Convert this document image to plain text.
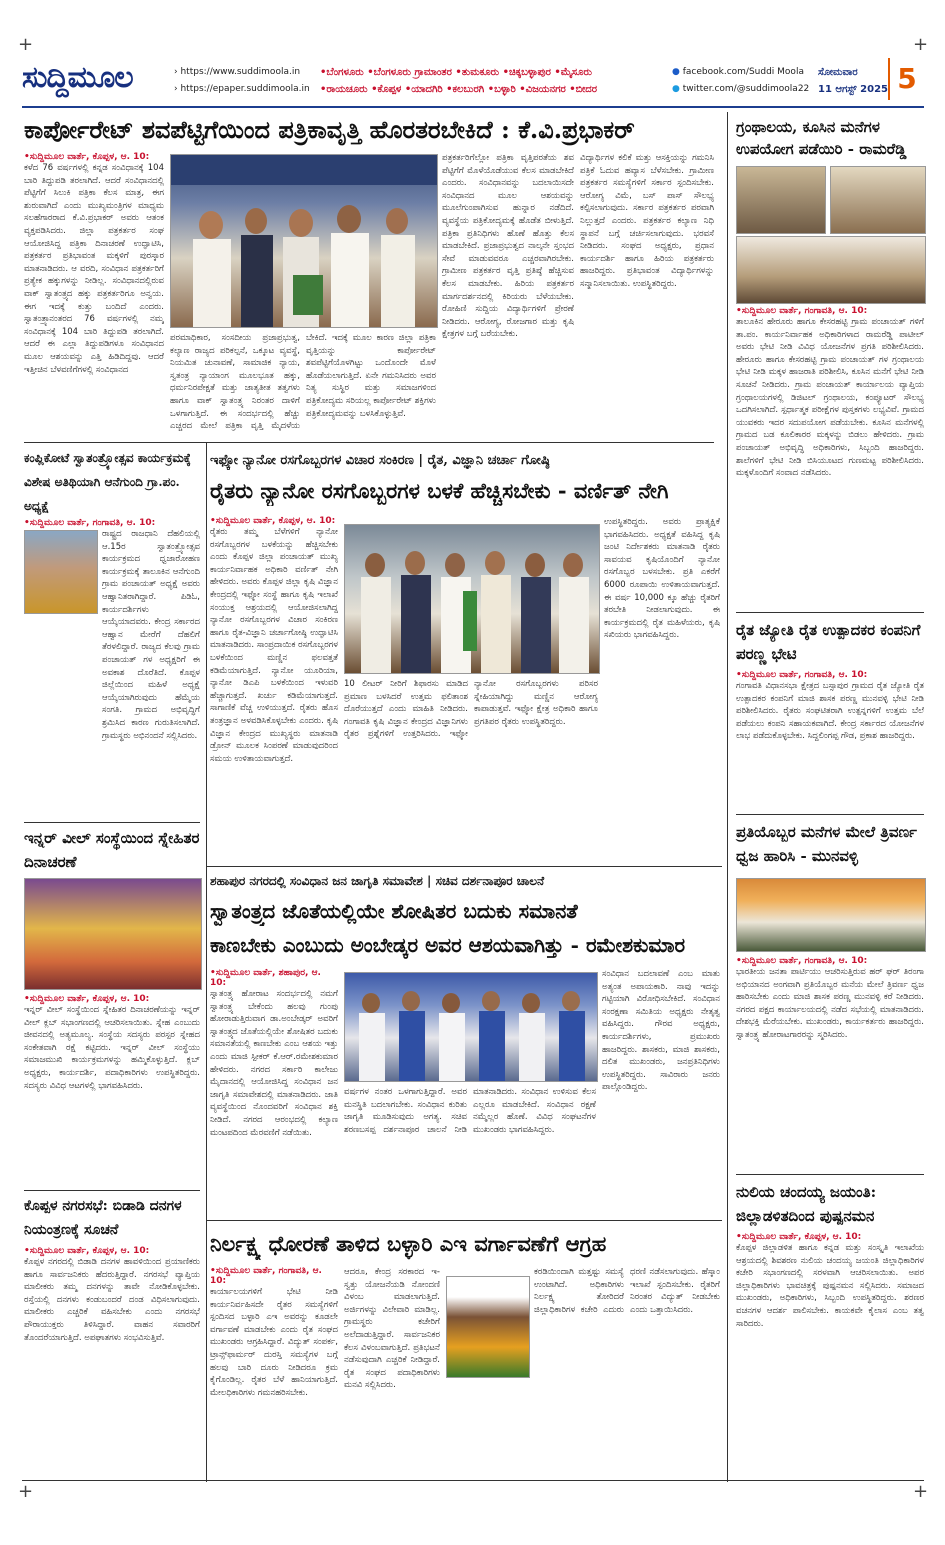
+	+
+	+
ಸುದ್ದಿಮೂಲ	› https://www.suddimoola.in
› https://epaper.suddimoola.in
•ಬೆಂಗಳೂರು •ಬೆಂಗಳೂರು ಗ್ರಾಮಾಂತರ •ತುಮಕೂರು •ಚಿಕ್ಕಬಳ್ಳಾಪುರ •ಮೈಸೂರು
•ರಾಯಚೂರು •ಕೊಪ್ಪಳ •ಯಾದಗಿರಿ •ಕಲಬುರಗಿ •ಬಳ್ಳಾರಿ •ವಿಜಯನಗರ •ಬೀದರ
● facebook.com/Suddi Moola
● twitter.com/@suddimoola22
ಸೋಮವಾರ
11 ಆಗಸ್ಟ್ 2025 5
ಕಾರ್ಪೋರೇಟ್ ಶವಪೆಟ್ಟಿಗೆಯಿಂದ ಪತ್ರಿಕಾವೃತ್ತಿ ಹೊರತರಬೇಕಿದೆ : ಕೆ.ವಿ.ಪ್ರಭಾಕರ್
•ಸುದ್ದಿಮೂಲ ವಾರ್ತೆ, ಕೊಪ್ಪಳ, ಆ. 10:
ಕಳೆದ 76 ವರ್ಷಗಳಲ್ಲಿ ಕನ್ನಡ ಸಂವಿಧಾನಕ್ಕೆ 104 ಬಾರಿ ತಿದ್ದುಪಡಿ ತರಲಾಗಿದೆ. ಆದರೆ ಸಂವಿಧಾನದಲ್ಲಿ ಪೆಟ್ಟಿಗೆಗೆ ಸಿಲುಕಿ ಪತ್ರಿಕಾ ಕೆಲಸ ಮಾತ್ರ, ಈಗ ಶುರುವಾಗಿದೆ ಎಂದು ಮುಖ್ಯಮಂತ್ರಿಗಳ ಮಾಧ್ಯಮ ಸಲಹೆಗಾರರಾದ ಕೆ.ವಿ.ಪ್ರಭಾಕರ್ ಅವರು ಆತಂಕ ವ್ಯಕ್ತಪಡಿಸಿದರು. ಜಿಲ್ಲಾ ಪತ್ರಕರ್ತರ ಸಂಘ ಆಯೋಜಿಸಿದ್ದ ಪತ್ರಿಕಾ ದಿನಾಚರಣೆ ಉದ್ಘಾಟಿಸಿ, ಪತ್ರಕರ್ತರ ಪ್ರತಿಭಾವಂತ ಮಕ್ಕಳಿಗೆ ಪುರಸ್ಕಾರ ಮಾತನಾಡಿದರು. ಆ ವರದಿ, ಸಂವಿಧಾನ ಪತ್ರಕರ್ತರಿಗೆ ಪ್ರತ್ಯೇಕ ಹಕ್ಕುಗಳನ್ನು ನೀಡಿಲ್ಲ. ಸಂವಿಧಾನದಲ್ಲಿರುವ ವಾಕ್ ಸ್ವಾತಂತ್ರ್ಯದ ಹಕ್ಕು ಪತ್ರಕರ್ತರಿಗೂ ಅನ್ವಯ. ಈಗ ಇದಕ್ಕೆ ಕುತ್ತು ಬಂದಿದೆ ಎಂದರು. ಸ್ವಾತಂತ್ರ್ಯಾನಂತರದ 76 ವರ್ಷಗಳಲ್ಲಿ ನಮ್ಮ ಸಂವಿಧಾನಕ್ಕೆ 104 ಬಾರಿ ತಿದ್ದುಪಡಿ ತರಲಾಗಿದೆ. ಆದರೆ ಈ ಎಲ್ಲಾ ತಿದ್ದುಪಡಿಗಳೂ ಸಂವಿಧಾನದ ಮೂಲ ಆಶಯವನ್ನು ಎತ್ತಿ ಹಿಡಿದಿದ್ದವು. ಆದರೆ ಇತ್ತೀಚಿನ ಬೆಳವಣಿಗೆಗಳಲ್ಲಿ ಸಂವಿಧಾನದ
ಪರಮಾಧಿಕಾರ, ಸಂಸದೀಯ ಪ್ರಜಾಪ್ರಭುತ್ವ, ಕಲ್ಯಾಣ ರಾಜ್ಯದ ಪರಿಕಲ್ಪನೆ, ಒಕ್ಕೂಟ ವ್ಯವಸ್ಥೆ, ನಿಯಮಿತ ಚುನಾವಣೆ, ಸಾಮಾಜಿಕ ನ್ಯಾಯ, ಸ್ವತಂತ್ರ ನ್ಯಾಯಾಂಗ ಮೂಲಭೂತ ಹಕ್ಕು, ಧರ್ಮನಿರಪೇಕ್ಷತೆ ಮತ್ತು ಜಾತ್ಯತೀತ ತತ್ವಗಳು ಹಾಗೂ ವಾಕ್ ಸ್ವಾತಂತ್ರ್ಯ ನಿರಂತರ ದಾಳಿಗೆ ಒಳಗಾಗುತ್ತಿದೆ. ಈ ಸಂದರ್ಭದಲ್ಲಿ ಹೆಚ್ಚು ಎಚ್ಚರದ ಮೇಲೆ ಪತ್ರಿಕಾ ವೃತ್ತಿ ಮೈದಳೆಯ ಬೇಕಿದೆ. ಇದಕ್ಕೆ ಮೂಲ ಕಾರಣ ಜಿಲ್ಲಾ ಪತ್ರಿಕಾ ವೃತ್ತಿಯನ್ನು ಕಾರ್ಪೋರೇಟ್ ಶವಪೆಟ್ಟಿಗೆಯೊಳಗಿಟ್ಟು ಒಂದೊಂದೇ ಮೊಳೆ ಹೊಡೆಯಲಾಗುತ್ತಿದೆ. ಏನೇ ಗಮನಿಸಿದರು ಅವರ ನಿತ್ಯ ಸುಸ್ಥಿರ ಮತ್ತು ಸಮಾಜಗಳಿಂದ ಪತ್ರಿಕೋದ್ಯಮ ಸರಿಯಲ್ಲ ಕಾರ್ಪೋರೇಟ್ ಶಕ್ತಿಗಳು ಪತ್ರಿಕೋದ್ಯಮವನ್ನು ಬಳಸಿಕೊಳ್ಳುತ್ತಿವೆ.
ಪತ್ರಕರ್ತರಿಗೆಲ್ಲೋ ಪತ್ರಿಕಾ ವೃತ್ತಿಪರತೆಯ ಶವ ಪೆಟ್ಟಿಗೆಗೆ ಮೊಳೆಯೊಡೆಯುವ ಕೆಲಸ ಮಾಡಬೇಕಿದೆ ಎಂದರು. ಸಂವಿಧಾನವನ್ನು ಬದಲಾಯಿಸದೇ ಸಂವಿಧಾನದ ಮೂಲ ಆಶಯವನ್ನು ಮೂಲೆಗುಂಪಾಗಿಸುವ ಹುನ್ನಾರ ನಡೆದಿದೆ. ವ್ಯವಸ್ಥೆಯ ಪತ್ರಿಕೋದ್ಯಮಕ್ಕೆ ಹೊಡೆತ ಬೀಳುತ್ತಿದೆ. ಪತ್ರಿಕಾ ಪ್ರತಿನಿಧಿಗಳು ಹೊಣೆ ಹೊತ್ತು ಕೆಲಸ ಮಾಡಬೇಕಿದೆ. ಪ್ರಜಾಪ್ರಭುತ್ವದ ನಾಲ್ಕನೇ ಸ್ತಂಭದ ಸೇವೆ ಮಾಡುವವರೂ ಎಚ್ಚರವಾಗಿರಬೇಕು. ಗ್ರಾಮೀಣ ಪತ್ರಕರ್ತರ ವೃತ್ತಿ ಪ್ರತಿಷ್ಠೆ ಹೆಚ್ಚಿಸುವ ಕೆಲಸ ಮಾಡಬೇಕು. ಹಿರಿಯ ಪತ್ರಕರ್ತರ ಮಾರ್ಗದರ್ಶನದಲ್ಲಿ ಕಿರಿಯರು ಬೆಳೆಯಬೇಕು. ರೋಹಿಣಿ ಸುದ್ದಿಯ ವಿದ್ಯಾರ್ಥಿಗಳಿಗೆ ಪ್ರೇರಣೆ ನೀಡಿದರು. ಆರೋಗ್ಯ, ರೋಜಗಾರ ಮತ್ತು ಕೃಷಿ ಕ್ಷೇತ್ರಗಳ ಬಗ್ಗೆ ಬರೆಯಬೇಕು.
ವಿದ್ಯಾರ್ಥಿಗಳ ಕಲಿಕೆ ಮತ್ತು ಆಸಕ್ತಿಯನ್ನು ಗಮನಿಸಿ ಪತ್ರಿಕೆ ಓದುವ ಹವ್ಯಾಸ ಬೆಳೆಸಬೇಕು. ಗ್ರಾಮೀಣ ಪತ್ರಕರ್ತರ ಸಮಸ್ಯೆಗಳಿಗೆ ಸರ್ಕಾರ ಸ್ಪಂದಿಸಬೇಕು. ಆರೋಗ್ಯ ವಿಮೆ, ಬಸ್ ಪಾಸ್ ಸೌಲಭ್ಯ ಕಲ್ಪಿಸಲಾಗುವುದು. ಸರ್ಕಾರ ಪತ್ರಕರ್ತರ ಪರವಾಗಿ ನಿಲ್ಲುತ್ತದೆ ಎಂದರು. ಪತ್ರಕರ್ತರ ಕಲ್ಯಾಣ ನಿಧಿ ಸ್ಥಾಪನೆ ಬಗ್ಗೆ ಚರ್ಚಿಸಲಾಗುವುದು. ಭರವಸೆ ನೀಡಿದರು. ಸಂಘದ ಅಧ್ಯಕ್ಷರು, ಪ್ರಧಾನ ಕಾರ್ಯದರ್ಶಿ ಹಾಗೂ ಹಿರಿಯ ಪತ್ರಕರ್ತರು ಹಾಜರಿದ್ದರು. ಪ್ರತಿಭಾವಂತ ವಿದ್ಯಾರ್ಥಿಗಳನ್ನು ಸನ್ಮಾನಿಸಲಾಯಿತು. ಉಪಸ್ಥಿತರಿದ್ದರು.
ಗ್ರಂಥಾಲಯ, ಕೂಸಿನ ಮನೆಗಳ ಉಪಯೋಗ ಪಡೆಯಿರಿ - ರಾಮರೆಡ್ಡಿ
•ಸುದ್ದಿಮೂಲ ವಾರ್ತೆ, ಗಂಗಾವತಿ, ಆ. 10:
ತಾಲೂಕಿನ ಹೇರೂರು ಹಾಗೂ ಕೇಸರಹಟ್ಟಿ ಗ್ರಾಮ ಪಂಚಾಯತ್ ಗಳಿಗೆ ತಾ.ಪಂ. ಕಾರ್ಯನಿರ್ವಾಹಕ ಅಧಿಕಾರಿಗಳಾದ ರಾಮರೆಡ್ಡಿ ಪಾಟೀಲ್ ಅವರು ಭೇಟಿ ನೀಡಿ ವಿವಿಧ ಯೋಜನೆಗಳ ಪ್ರಗತಿ ಪರಿಶೀಲಿಸಿದರು. ಹೇರೂರು ಹಾಗೂ ಕೇಸರಹಟ್ಟಿ ಗ್ರಾಮ ಪಂಚಾಯತ್ ಗಳ ಗ್ರಂಥಾಲಯ ಭೇಟಿ ನೀಡಿ ಮಕ್ಕಳ ಹಾಜರಾತಿ ಪರಿಶೀಲಿಸಿ, ಕೂಸಿನ ಮನೆಗೆ ಭೇಟಿ ನೀಡಿ ಸೂಚನೆ ನೀಡಿದರು. ಗ್ರಾಮ ಪಂಚಾಯತ್ ಕಾರ್ಯಾಲಯ ವ್ಯಾಪ್ತಿಯ ಗ್ರಂಥಾಲಯಗಳಲ್ಲಿ ಡಿಜಿಟಲ್ ಗ್ರಂಥಾಲಯ, ಕಂಪ್ಯೂಟರ್ ಸೌಲಭ್ಯ ಒದಗಿಸಲಾಗಿದೆ. ಸ್ಪರ್ಧಾತ್ಮಕ ಪರೀಕ್ಷೆಗಳ ಪುಸ್ತಕಗಳು ಲಭ್ಯವಿವೆ. ಗ್ರಾಮದ ಯುವಕರು ಇದರ ಸದುಪಯೋಗ ಪಡೆಯಬೇಕು. ಕೂಸಿನ ಮನೆಗಳಲ್ಲಿ ಗ್ರಾಮದ ಬಡ ಕೂಲಿಕಾರರ ಮಕ್ಕಳನ್ನು ಬಿಡಲು ಹೇಳಿದರು. ಗ್ರಾಮ ಪಂಚಾಯತ್ ಅಭಿವೃದ್ಧಿ ಅಧಿಕಾರಿಗಳು, ಸಿಬ್ಬಂದಿ ಹಾಜರಿದ್ದರು. ಶಾಲೆಗಳಿಗೆ ಭೇಟಿ ನೀಡಿ ಬಿಸಿಯೂಟದ ಗುಣಮಟ್ಟ ಪರಿಶೀಲಿಸಿದರು. ಮಕ್ಕಳೊಂದಿಗೆ ಸಂವಾದ ನಡೆಸಿದರು.
ಕಂಪ್ಲಿಕೋಟೆ ಸ್ವಾತಂತ್ರ್ಯೋತ್ಸವ ಕಾರ್ಯಕ್ರಮಕ್ಕೆ ವಿಶೇಷ ಅತಿಥಿಯಾಗಿ ಆನೆಗುಂದಿ ಗ್ರಾ.ಪಂ. ಅಧ್ಯಕ್ಷೆ
•ಸುದ್ದಿಮೂಲ ವಾರ್ತೆ, ಗಂಗಾವತಿ, ಆ. 10:
ರಾಷ್ಟ್ರದ ರಾಜಧಾನಿ ದೆಹಲಿಯಲ್ಲಿ ಆ.15ರ ಸ್ವಾತಂತ್ರ್ಯೋತ್ಸವ ಕಾರ್ಯಕ್ರಮದ ಧ್ವಜಾರೋಹಣ ಕಾರ್ಯಕ್ರಮಕ್ಕೆ ತಾಲೂಕಿನ ಆನೆಗುಂದಿ ಗ್ರಾಮ ಪಂಚಾಯತ್ ಅಧ್ಯಕ್ಷೆ ಅವರು ಆಹ್ವಾನಿತರಾಗಿದ್ದಾರೆ. ಪಿಡಿಓ, ಕಾರ್ಯದರ್ಶಿಗಳು ಆಯ್ಕೆಯಾದವರು. ಕೇಂದ್ರ ಸರ್ಕಾರದ ಆಹ್ವಾನ ಮೇರೆಗೆ ದೆಹಲಿಗೆ ತೆರಳಲಿದ್ದಾರೆ. ರಾಜ್ಯದ ಕೆಲವು ಗ್ರಾಮ ಪಂಚಾಯತ್ ಗಳ ಅಧ್ಯಕ್ಷರಿಗೆ ಈ ಅವಕಾಶ ದೊರೆತಿದೆ. ಕೊಪ್ಪಳ ಜಿಲ್ಲೆಯಿಂದ ಮಹಿಳೆ ಅಧ್ಯಕ್ಷೆ ಆಯ್ಕೆಯಾಗಿರುವುದು ಹೆಮ್ಮೆಯ ಸಂಗತಿ. ಗ್ರಾಮದ ಅಭಿವೃದ್ಧಿಗೆ ಶ್ರಮಿಸಿದ ಕಾರಣ ಗುರುತಿಸಲಾಗಿದೆ. ಗ್ರಾಮಸ್ಥರು ಅಭಿನಂದನೆ ಸಲ್ಲಿಸಿದರು.
ಇನ್ನರ್ ವೀಲ್ ಸಂಸ್ಥೆಯಿಂದ ಸ್ನೇಹಿತರ ದಿನಾಚರಣೆ
•ಸುದ್ದಿಮೂಲ ವಾರ್ತೆ, ಕೊಪ್ಪಳ, ಆ. 10:
ಇನ್ನರ್ ವೀಲ್ ಸಂಸ್ಥೆಯಿಂದ ಸ್ನೇಹಿತರ ದಿನಾಚರಣೆಯನ್ನು ಇನ್ನರ್ ವೀಲ್ ಕ್ಲಬ್ ಸಭಾಂಗಣದಲ್ಲಿ ಆಚರಿಸಲಾಯಿತು. ಸ್ನೇಹ ಎಂಬುದು ಜೀವನದಲ್ಲಿ ಅತ್ಯಮೂಲ್ಯ. ಸಂಸ್ಥೆಯ ಸದಸ್ಯರು ಪರಸ್ಪರ ಸ್ನೇಹದ ಸಂಕೇತವಾಗಿ ರಕ್ಷೆ ಕಟ್ಟಿದರು. ಇನ್ನರ್ ವೀಲ್ ಸಂಸ್ಥೆಯು ಸಮಾಜಮುಖಿ ಕಾರ್ಯಕ್ರಮಗಳನ್ನು ಹಮ್ಮಿಕೊಳ್ಳುತ್ತಿದೆ. ಕ್ಲಬ್ ಅಧ್ಯಕ್ಷರು, ಕಾರ್ಯದರ್ಶಿ, ಪದಾಧಿಕಾರಿಗಳು ಉಪಸ್ಥಿತರಿದ್ದರು. ಸದಸ್ಯರು ವಿವಿಧ ಆಟಗಳಲ್ಲಿ ಭಾಗವಹಿಸಿದರು.
ಕೊಪ್ಪಳ ನಗರಸಭೆ: ಬಿಡಾಡಿ ದನಗಳ ನಿಯಂತ್ರಣಕ್ಕೆ ಸೂಚನೆ
•ಸುದ್ದಿಮೂಲ ವಾರ್ತೆ, ಕೊಪ್ಪಳ, ಆ. 10:
ಕೊಪ್ಪಳ ನಗರದಲ್ಲಿ ಬಿಡಾಡಿ ದನಗಳ ಹಾವಳಿಯಿಂದ ಪ್ರಯಾಣಿಕರು ಹಾಗೂ ಸಾರ್ವಜನಿಕರು ಹೆದರುತ್ತಿದ್ದಾರೆ. ನಗರಸಭೆ ವ್ಯಾಪ್ತಿಯ ಮಾಲೀಕರು ತಮ್ಮ ದನಗಳನ್ನು ತಾವೇ ನೋಡಿಕೊಳ್ಳಬೇಕು. ರಸ್ತೆಯಲ್ಲಿ ದನಗಳು ಕಂಡುಬಂದರೆ ದಂಡ ವಿಧಿಸಲಾಗುವುದು. ಮಾಲೀಕರು ಎಚ್ಚರಿಕೆ ವಹಿಸಬೇಕು ಎಂದು ನಗರಸಭೆ ಪೌರಾಯುಕ್ತರು ತಿಳಿಸಿದ್ದಾರೆ. ವಾಹನ ಸವಾರರಿಗೆ ತೊಂದರೆಯಾಗುತ್ತಿದೆ. ಅಪಘಾತಗಳು ಸಂಭವಿಸುತ್ತಿವೆ.
ಇಫ್ಕೋ ನ್ಯಾನೋ ರಸಗೊಬ್ಬರಗಳ ವಿಚಾರ ಸಂಕಿರಣ | ರೈತ, ವಿಜ್ಞಾನಿ ಚರ್ಚಾ ಗೋಷ್ಠಿ
ರೈತರು ನ್ಯಾನೋ ರಸಗೊಬ್ಬರಗಳ ಬಳಕೆ ಹೆಚ್ಚಿಸಬೇಕು - ವರ್ಣಿತ್ ನೇಗಿ
•ಸುದ್ದಿಮೂಲ ವಾರ್ತೆ, ಕೊಪ್ಪಳ, ಆ. 10:
ರೈತರು ತಮ್ಮ ಬೆಳೆಗಳಿಗೆ ನ್ಯಾನೋ ರಸಗೊಬ್ಬರಗಳ ಬಳಕೆಯನ್ನು ಹೆಚ್ಚಿಸಬೇಕು ಎಂದು ಕೊಪ್ಪಳ ಜಿಲ್ಲಾ ಪಂಚಾಯತ್ ಮುಖ್ಯ ಕಾರ್ಯನಿರ್ವಾಹಕ ಅಧಿಕಾರಿ ವರ್ಣಿತ್ ನೇಗಿ ಹೇಳಿದರು. ಅವರು ಕೊಪ್ಪಳ ಜಿಲ್ಲಾ ಕೃಷಿ ವಿಜ್ಞಾನ ಕೇಂದ್ರದಲ್ಲಿ ಇಫ್ಕೋ ಸಂಸ್ಥೆ ಹಾಗೂ ಕೃಷಿ ಇಲಾಖೆ ಸಂಯುಕ್ತ ಆಶ್ರಯದಲ್ಲಿ ಆಯೋಜಿಸಲಾಗಿದ್ದ ನ್ಯಾನೋ ರಸಗೊಬ್ಬರಗಳ ವಿಚಾರ ಸಂಕಿರಣ ಹಾಗೂ ರೈತ-ವಿಜ್ಞಾನಿ ಚರ್ಚಾಗೋಷ್ಠಿ ಉದ್ಘಾಟಿಸಿ ಮಾತನಾಡಿದರು. ಸಾಂಪ್ರದಾಯಿಕ ರಸಗೊಬ್ಬರಗಳ ಬಳಕೆಯಿಂದ ಮಣ್ಣಿನ ಫಲವತ್ತತೆ ಕಡಿಮೆಯಾಗುತ್ತಿದೆ. ನ್ಯಾನೋ ಯೂರಿಯಾ, ನ್ಯಾನೋ ಡಿಎಪಿ ಬಳಕೆಯಿಂದ ಇಳುವರಿ ಹೆಚ್ಚಾಗುತ್ತದೆ. ಖರ್ಚು ಕಡಿಮೆಯಾಗುತ್ತದೆ. ಸಾಗಾಣಿಕೆ ವೆಚ್ಚ ಉಳಿಯುತ್ತದೆ. ರೈತರು ಹೊಸ ತಂತ್ರಜ್ಞಾನ ಅಳವಡಿಸಿಕೊಳ್ಳಬೇಕು ಎಂದರು. ಕೃಷಿ ವಿಜ್ಞಾನ ಕೇಂದ್ರದ ಮುಖ್ಯಸ್ಥರು ಮಾತನಾಡಿ ಡ್ರೋನ್ ಮೂಲಕ ಸಿಂಪರಣೆ ಮಾಡುವುದರಿಂದ ಸಮಯ ಉಳಿತಾಯವಾಗುತ್ತದೆ.
10 ಲೀಟರ್ ನೀರಿಗೆ ಶಿಫಾರಸು ಮಾಡಿದ ಪ್ರಮಾಣ ಬಳಸಿದರೆ ಉತ್ತಮ ಫಲಿತಾಂಶ ದೊರೆಯುತ್ತದೆ ಎಂದು ಮಾಹಿತಿ ನೀಡಿದರು. ಗಂಗಾವತಿ ಕೃಷಿ ವಿಜ್ಞಾನ ಕೇಂದ್ರದ ವಿಜ್ಞಾನಿಗಳು ರೈತರ ಪ್ರಶ್ನೆಗಳಿಗೆ ಉತ್ತರಿಸಿದರು. ಇಫ್ಕೋ ನ್ಯಾನೋ ರಸಗೊಬ್ಬರಗಳು ಪರಿಸರ ಸ್ನೇಹಿಯಾಗಿದ್ದು ಮಣ್ಣಿನ ಆರೋಗ್ಯ ಕಾಪಾಡುತ್ತವೆ. ಇಫ್ಕೋ ಕ್ಷೇತ್ರ ಅಧಿಕಾರಿ ಹಾಗೂ ಪ್ರಗತಿಪರ ರೈತರು ಉಪಸ್ಥಿತರಿದ್ದರು.
ಉಪಸ್ಥಿತರಿದ್ದರು. ಅವರು ಪ್ರಾತ್ಯಕ್ಷಿಕೆ ಭಾಗವಹಿಸಿದರು. ಅಧ್ಯಕ್ಷತೆ ವಹಿಸಿದ್ದ ಕೃಷಿ ಜಂಟಿ ನಿರ್ದೇಶಕರು ಮಾತನಾಡಿ ರೈತರು ಸಾವಯವ ಕೃಷಿಯೊಂದಿಗೆ ನ್ಯಾನೋ ರಸಗೊಬ್ಬರ ಬಳಸಬೇಕು. ಪ್ರತಿ ಎಕರೆಗೆ 6000 ರೂಪಾಯಿ ಉಳಿತಾಯವಾಗುತ್ತದೆ. ಈ ವರ್ಷ 10,000 ಕ್ಕೂ ಹೆಚ್ಚು ರೈತರಿಗೆ ತರಬೇತಿ ನೀಡಲಾಗುವುದು. ಈ ಕಾರ್ಯಕ್ರಮದಲ್ಲಿ ರೈತ ಮಹಿಳೆಯರು, ಕೃಷಿ ಸಖಿಯರು ಭಾಗವಹಿಸಿದ್ದರು.	ರೈತ ಜ್ಯೋತಿ ರೈತ ಉತ್ಪಾದಕರ ಕಂಪನಿಗೆ ಪರಣ್ಣ ಭೇಟಿ
•ಸುದ್ದಿಮೂಲ ವಾರ್ತೆ, ಗಂಗಾವತಿ, ಆ. 10:
ಗಂಗಾವತಿ ವಿಧಾನಸಭಾ ಕ್ಷೇತ್ರದ ಬಸ್ಸಾಪುರ ಗ್ರಾಮದ ರೈತ ಜ್ಯೋತಿ ರೈತ ಉತ್ಪಾದಕರ ಕಂಪನಿಗೆ ಮಾಜಿ ಶಾಸಕ ಪರಣ್ಣ ಮುನವಳ್ಳಿ ಭೇಟಿ ನೀಡಿ ಪರಿಶೀಲಿಸಿದರು. ರೈತರು ಸಂಘಟಿತರಾಗಿ ಉತ್ಪನ್ನಗಳಿಗೆ ಉತ್ತಮ ಬೆಲೆ ಪಡೆಯಲು ಕಂಪನಿ ಸಹಾಯಕವಾಗಿದೆ. ಕೇಂದ್ರ ಸರ್ಕಾರದ ಯೋಜನೆಗಳ ಲಾಭ ಪಡೆದುಕೊಳ್ಳಬೇಕು. ಸಿದ್ದಲಿಂಗಪ್ಪ ಗೌಡ, ಪ್ರಕಾಶ ಹಾಜರಿದ್ದರು.
ಪ್ರತಿಯೊಬ್ಬರ ಮನೆಗಳ ಮೇಲೆ ತ್ರಿವರ್ಣ ಧ್ವಜ ಹಾರಿಸಿ - ಮುನವಳ್ಳಿ
•ಸುದ್ದಿಮೂಲ ವಾರ್ತೆ, ಗಂಗಾವತಿ, ಆ. 10:
ಭಾರತೀಯ ಜನತಾ ಪಾರ್ಟಿಯು ಆಚರಿಸುತ್ತಿರುವ ಹರ್ ಘರ್ ತಿರಂಗಾ ಅಭಿಯಾನದ ಅಂಗವಾಗಿ ಪ್ರತಿಯೊಬ್ಬರ ಮನೆಯ ಮೇಲೆ ತ್ರಿವರ್ಣ ಧ್ವಜ ಹಾರಿಸಬೇಕು ಎಂದು ಮಾಜಿ ಶಾಸಕ ಪರಣ್ಣ ಮುನವಳ್ಳಿ ಕರೆ ನೀಡಿದರು. ನಗರದ ಪಕ್ಷದ ಕಾರ್ಯಾಲಯದಲ್ಲಿ ನಡೆದ ಸಭೆಯಲ್ಲಿ ಮಾತನಾಡಿದರು. ದೇಶಭಕ್ತಿ ಮೆರೆಯಬೇಕು. ಮುಖಂಡರು, ಕಾರ್ಯಕರ್ತರು ಹಾಜರಿದ್ದರು. ಸ್ವಾತಂತ್ರ್ಯ ಹೋರಾಟಗಾರರನ್ನು ಸ್ಮರಿಸಿದರು.
ನುಲಿಯ ಚಂದಯ್ಯ ಜಯಂತಿ: ಜಿಲ್ಲಾಡಳಿತದಿಂದ ಪುಷ್ಪನಮನ
•ಸುದ್ದಿಮೂಲ ವಾರ್ತೆ, ಕೊಪ್ಪಳ, ಆ. 10:
ಕೊಪ್ಪಳ ಜಿಲ್ಲಾಡಳಿತ ಹಾಗೂ ಕನ್ನಡ ಮತ್ತು ಸಂಸ್ಕೃತಿ ಇಲಾಖೆಯ ಆಶ್ರಯದಲ್ಲಿ ಶಿವಶರಣ ನುಲಿಯ ಚಂದಯ್ಯ ಜಯಂತಿ ಜಿಲ್ಲಾಧಿಕಾರಿಗಳ ಕಚೇರಿ ಸಭಾಂಗಣದಲ್ಲಿ ಸರಳವಾಗಿ ಆಚರಿಸಲಾಯಿತು. ಅಪರ ಜಿಲ್ಲಾಧಿಕಾರಿಗಳು ಭಾವಚಿತ್ರಕ್ಕೆ ಪುಷ್ಪನಮನ ಸಲ್ಲಿಸಿದರು. ಸಮಾಜದ ಮುಖಂಡರು, ಅಧಿಕಾರಿಗಳು, ಸಿಬ್ಬಂದಿ ಉಪಸ್ಥಿತರಿದ್ದರು. ಶರಣರ ವಚನಗಳ ಆದರ್ಶ ಪಾಲಿಸಬೇಕು. ಕಾಯಕವೇ ಕೈಲಾಸ ಎಂಬ ತತ್ವ ಸಾರಿದರು.
ಶಹಾಪುರ ನಗರದಲ್ಲಿ ಸಂವಿಧಾನ ಜನ ಜಾಗೃತಿ ಸಮಾವೇಶ | ಸಚಿವ ದರ್ಶನಾಪೂರ ಚಾಲನೆ
ಸ್ವಾತಂತ್ರ್ಯದ ಜೊತೆಯಲ್ಲಿಯೇ ಶೋಷಿತರ ಬದುಕು ಸಮಾನತೆ
ಕಾಣಬೇಕು ಎಂಬುದು ಅಂಬೇಡ್ಕರ ಅವರ ಆಶಯವಾಗಿತ್ತು - ರಮೇಶಕುಮಾರ
•ಸುದ್ದಿಮೂಲ ವಾರ್ತೆ, ಶಹಾಪುರ, ಆ. 10:
ಸ್ವಾತಂತ್ರ್ಯ ಹೋರಾಟ ಸಂದರ್ಭದಲ್ಲಿ ನಮಗೆ ಸ್ವಾತಂತ್ರ್ಯ ಬೇಕೆಂದು ಹಲವು ಗುಂಪು ಹೋರಾಡುತ್ತಿರುವಾಗ ಡಾ.ಅಂಬೇಡ್ಕರ್ ಅವರಿಗೆ ಸ್ವಾತಂತ್ರ್ಯದ ಜೊತೆಯಲ್ಲಿಯೇ ಶೋಷಿತರ ಬದುಕು ಸಮಾನತೆಯಲ್ಲಿ ಕಾಣಬೇಕು ಎಂಬ ಆಶಯ ಇತ್ತು ಎಂದು ಮಾಜಿ ಸ್ಪೀಕರ್ ಕೆ.ಆರ್.ರಮೇಶಕುಮಾರ ಹೇಳಿದರು. ನಗರದ ಸರ್ಕಾರಿ ಕಾಲೇಜು ಮೈದಾನದಲ್ಲಿ ಆಯೋಜಿಸಿದ್ದ ಸಂವಿಧಾನ ಜನ ಜಾಗೃತಿ ಸಮಾವೇಶದಲ್ಲಿ ಮಾತನಾಡಿದರು. ಜಾತಿ ವ್ಯವಸ್ಥೆಯಿಂದ ನೊಂದವರಿಗೆ ಸಂವಿಧಾನ ಶಕ್ತಿ ನೀಡಿದೆ. ನಗರದ ಆರಂಭದಲ್ಲಿ ಕಲ್ಯಾಣ ಮಂಟಪದಿಂದ ಮೆರವಣಿಗೆ ನಡೆಯಿತು.
ವರ್ಷಗಳ ನಂತರ ಒಳಗಾಗುತ್ತಿದ್ದಾರೆ. ಅವರ ಮನಸ್ಥಿತಿ ಬದಲಾಗಬೇಕು. ಸಂವಿಧಾನ ಕುರಿತು ಜಾಗೃತಿ ಮೂಡಿಸುವುದು ಅಗತ್ಯ. ಸಚಿವ ಶರಣಬಸಪ್ಪ ದರ್ಶನಾಪೂರ ಚಾಲನೆ ನೀಡಿ ಮಾತನಾಡಿದರು. ಸಂವಿಧಾನ ಉಳಿಸುವ ಕೆಲಸ ಎಲ್ಲರೂ ಮಾಡಬೇಕಿದೆ. ಸಂವಿಧಾನ ರಕ್ಷಣೆ ನಮ್ಮೆಲ್ಲರ ಹೊಣೆ. ವಿವಿಧ ಸಂಘಟನೆಗಳ ಮುಖಂಡರು ಭಾಗವಹಿಸಿದ್ದರು.
ಸಂವಿಧಾನ ಬದಲಾವಣೆ ಎಂಬ ಮಾತು ಅತ್ಯಂತ ಅಪಾಯಕಾರಿ. ನಾವು ಇದನ್ನು ಗಟ್ಟಿಯಾಗಿ ವಿರೋಧಿಸಬೇಕಿದೆ. ಸಂವಿಧಾನ ಸಂರಕ್ಷಣಾ ಸಮಿತಿಯ ಅಧ್ಯಕ್ಷರು ನೇತೃತ್ವ ವಹಿಸಿದ್ದರು. ಗೌರವ ಅಧ್ಯಕ್ಷರು, ಕಾರ್ಯದರ್ಶಿಗಳು, ಪ್ರಮುಖರು ಹಾಜರಿದ್ದರು. ಶಾಸಕರು, ಮಾಜಿ ಶಾಸಕರು, ದಲಿತ ಮುಖಂಡರು, ಜನಪ್ರತಿನಿಧಿಗಳು ಉಪಸ್ಥಿತರಿದ್ದರು. ಸಾವಿರಾರು ಜನರು ಪಾಲ್ಗೊಂಡಿದ್ದರು.
ನಿರ್ಲಕ್ಷ್ಯ ಧೋರಣೆ ತಾಳಿದ ಬಳ್ಳಾರಿ ಎಇ ವರ್ಗಾವಣೆಗೆ ಆಗ್ರಹ
•ಸುದ್ದಿಮೂಲ ವಾರ್ತೆ, ಗಂಗಾವತಿ, ಆ. 10:
ಕಾರ್ಯಾಲಯಗಳಿಗೆ ಭೇಟಿ ನೀಡಿ ಕಾರ್ಯನಿರ್ವಹಿಸದೇ ರೈತರ ಸಮಸ್ಯೆಗಳಿಗೆ ಸ್ಪಂದಿಸದ ಬಳ್ಳಾರಿ ಎಇ ಅವರನ್ನು ಕೂಡಲೇ ವರ್ಗಾವಣೆ ಮಾಡಬೇಕು ಎಂದು ರೈತ ಸಂಘದ ಮುಖಂಡರು ಆಗ್ರಹಿಸಿದ್ದಾರೆ. ವಿದ್ಯುತ್ ಸಂಪರ್ಕ, ಟ್ರಾನ್ಸ್‌ಫಾರ್ಮರ್ ದುರಸ್ತಿ ಸಮಸ್ಯೆಗಳ ಬಗ್ಗೆ ಹಲವು ಬಾರಿ ದೂರು ನೀಡಿದರೂ ಕ್ರಮ ಕೈಗೊಂಡಿಲ್ಲ. ರೈತರ ಬೆಳೆ ಹಾನಿಯಾಗುತ್ತಿದೆ. ಮೇಲಧಿಕಾರಿಗಳು ಗಮನಹರಿಸಬೇಕು.
ಆದರೂ, ಕೇಂದ್ರ ಸರಕಾರದ ಇ-ಸ್ವತ್ತು ಯೋಜನೆಯಡಿ ನೋಂದಣಿ ವಿಳಂಬ ಮಾಡಲಾಗುತ್ತಿದೆ. ಅರ್ಜಿಗಳನ್ನು ವಿಲೇವಾರಿ ಮಾಡಿಲ್ಲ. ಗ್ರಾಮಸ್ಥರು ಕಚೇರಿಗೆ ಅಲೆದಾಡುತ್ತಿದ್ದಾರೆ. ಸಾರ್ವಜನಿಕರ ಕೆಲಸ ವಿಳಂಬವಾಗುತ್ತಿದೆ. ಪ್ರತಿಭಟನೆ ನಡೆಸುವುದಾಗಿ ಎಚ್ಚರಿಕೆ ನೀಡಿದ್ದಾರೆ. ರೈತ ಸಂಘದ ಪದಾಧಿಕಾರಿಗಳು ಮನವಿ ಸಲ್ಲಿಸಿದರು.
ಕರಡಿಯಿಂದಾಗಿ ಮತ್ತಷ್ಟು ಸಮಸ್ಯೆ ಉಂಟಾಗಿದೆ. ಅಧಿಕಾರಿಗಳು ನಿರ್ಲಕ್ಷ್ಯ ತೋರಿದರೆ ಜಿಲ್ಲಾಧಿಕಾರಿಗಳ ಕಚೇರಿ ಎದುರು ಧರಣಿ ನಡೆಸಲಾಗುವುದು. ಹೆಸ್ಕಾಂ ಇಲಾಖೆ ಸ್ಪಂದಿಸಬೇಕು. ರೈತರಿಗೆ ನಿರಂತರ ವಿದ್ಯುತ್ ನೀಡಬೇಕು ಎಂದು ಒತ್ತಾಯಿಸಿದರು.
